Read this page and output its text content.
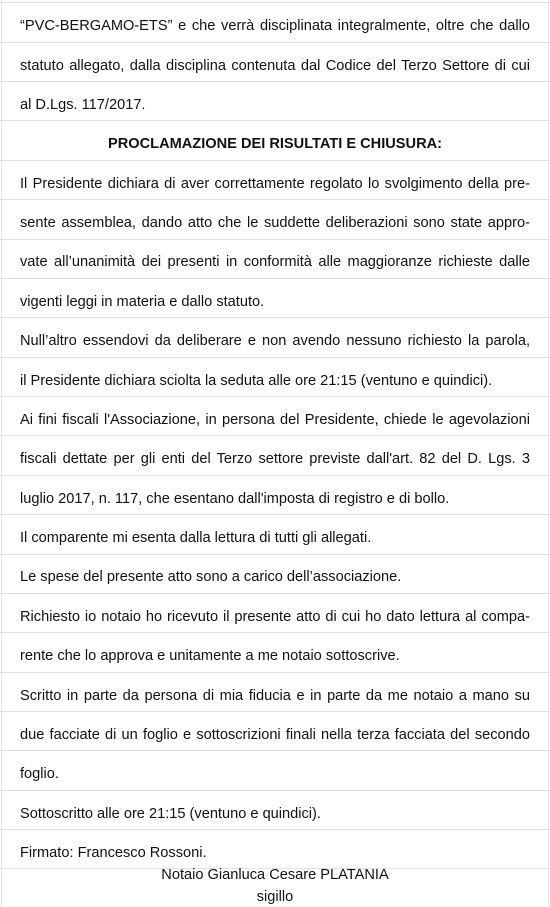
“PVC-BERGAMO-ETS” e che verrà disciplinata integralmente, oltre che dallo
statuto allegato, dalla disciplina contenuta dal Codice del Terzo Settore di cui
al D.Lgs. 117/2017.
PROCLAMAZIONE DEI RISULTATI E CHIUSURA:
Il Presidente dichiara di aver correttamente regolato lo svolgimento della pre-
sente assemblea, dando atto che le suddette deliberazioni sono state appro-
vate all’unanimità dei presenti in conformità alle maggioranze richieste dalle
vigenti leggi in materia e dallo statuto.
Null’altro essendovi da deliberare e non avendo nessuno richiesto la parola,
il Presidente dichiara sciolta la seduta alle ore 21:15 (ventuno e quindici).
Ai fini fiscali l'Associazione, in persona del Presidente, chiede le agevolazioni
fiscali dettate per gli enti del Terzo settore previste dall'art. 82 del D. Lgs. 3
luglio 2017, n. 117, che esentano dall'imposta di registro e di bollo.
Il comparente mi esenta dalla lettura di tutti gli allegati.
Le spese del presente atto sono a carico dell’associazione.
Richiesto io notaio ho ricevuto il presente atto di cui ho dato lettura al compa-
rente che lo approva e unitamente a me notaio sottoscrive.
Scritto in parte da persona di mia fiducia e in parte da me notaio a mano su
due facciate di un foglio e sottoscrizioni finali nella terza facciata del secondo
foglio.
Sottoscritto alle ore 21:15 (ventuno e quindici).
Firmato: Francesco Rossoni.
Notaio Gianluca Cesare PLATANIA
sigillo
